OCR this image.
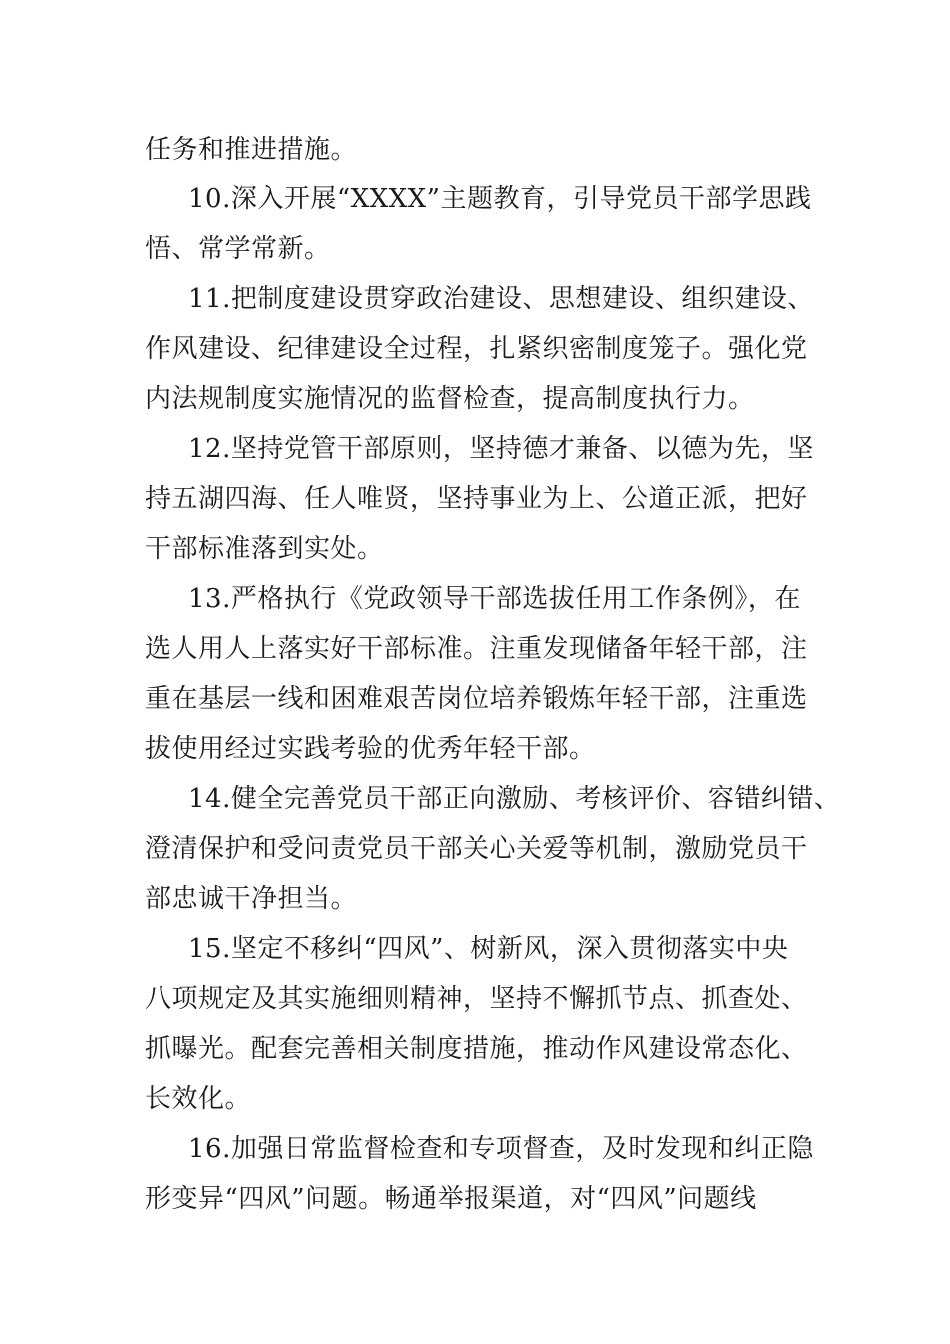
任务和推进措施。
10.深入开展“XXXX”主题教育，引导党员干部学思践
悟、常学常新。
11.把制度建设贯穿政治建设、思想建设、组织建设、
作风建设、纪律建设全过程，扎紧织密制度笼子。强化党
内法规制度实施情况的监督检查，提高制度执行力。
12.坚持党管干部原则，坚持德才兼备、以德为先，坚
持五湖四海、任人唯贤，坚持事业为上、公道正派，把好
干部标准落到实处。
13.严格执行《党政领导干部选拔任用工作条例》，在
选人用人上落实好干部标准。注重发现储备年轻干部，注
重在基层一线和困难艰苦岗位培养锻炼年轻干部，注重选
拔使用经过实践考验的优秀年轻干部。
14.健全完善党员干部正向激励、考核评价、容错纠错、
澄清保护和受问责党员干部关心关爱等机制，激励党员干
部忠诚干净担当。
15.坚定不移纠“四风”、树新风，深入贯彻落实中央
八项规定及其实施细则精神，坚持不懈抓节点、抓查处、
抓曝光。配套完善相关制度措施，推动作风建设常态化、
长效化。
16.加强日常监督检查和专项督查，及时发现和纠正隐
形变异“四风”问题。畅通举报渠道，对“四风”问题线
